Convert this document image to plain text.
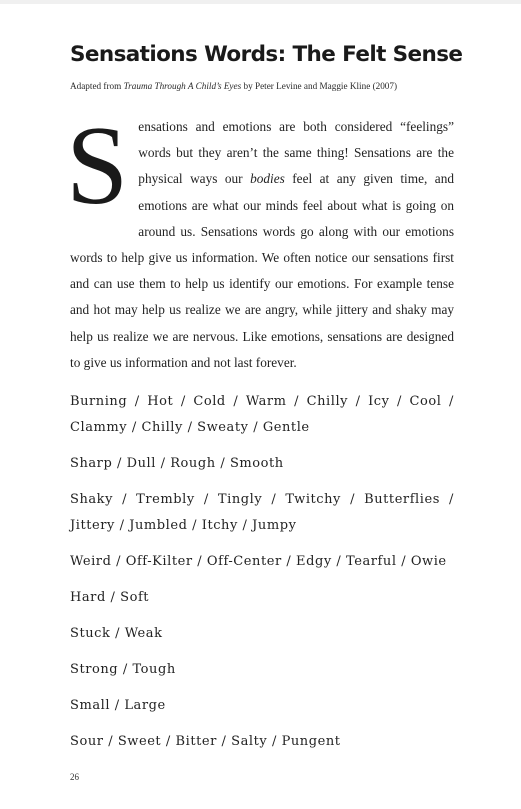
Sensations Words: The Felt Sense
Adapted from Trauma Through A Child’s Eyes by Peter Levine and Maggie Kline (2007)

Sensations and emotions are both considered “feelings” words but they aren’t the same thing! Sensations are the physical ways our bodies feel at any given time, and emotions are what our minds feel about what is going on around us. Sensations words go along with our emotions words to help give us information. We often notice our sensations first and can use them to help us identify our emotions. For example tense and hot may help us realize we are angry, while jittery and shaky may help us realize we are nervous. Like emotions, sensations are designed to give us information and not last forever.

Burning / Hot / Cold / Warm / Chilly / Icy / Cool / Clammy / Chilly / Sweaty / Gentle
Sharp / Dull / Rough / Smooth
Shaky / Trembly / Tingly / Twitchy / Butterflies / Jittery / Jumbled / Itchy / Jumpy
Weird / Off-Kilter / Off-Center / Edgy / Tearful / Owie
Hard / Soft
Stuck / Weak
Strong / Tough
Small / Large
Sour / Sweet / Bitter / Salty / Pungent
26
